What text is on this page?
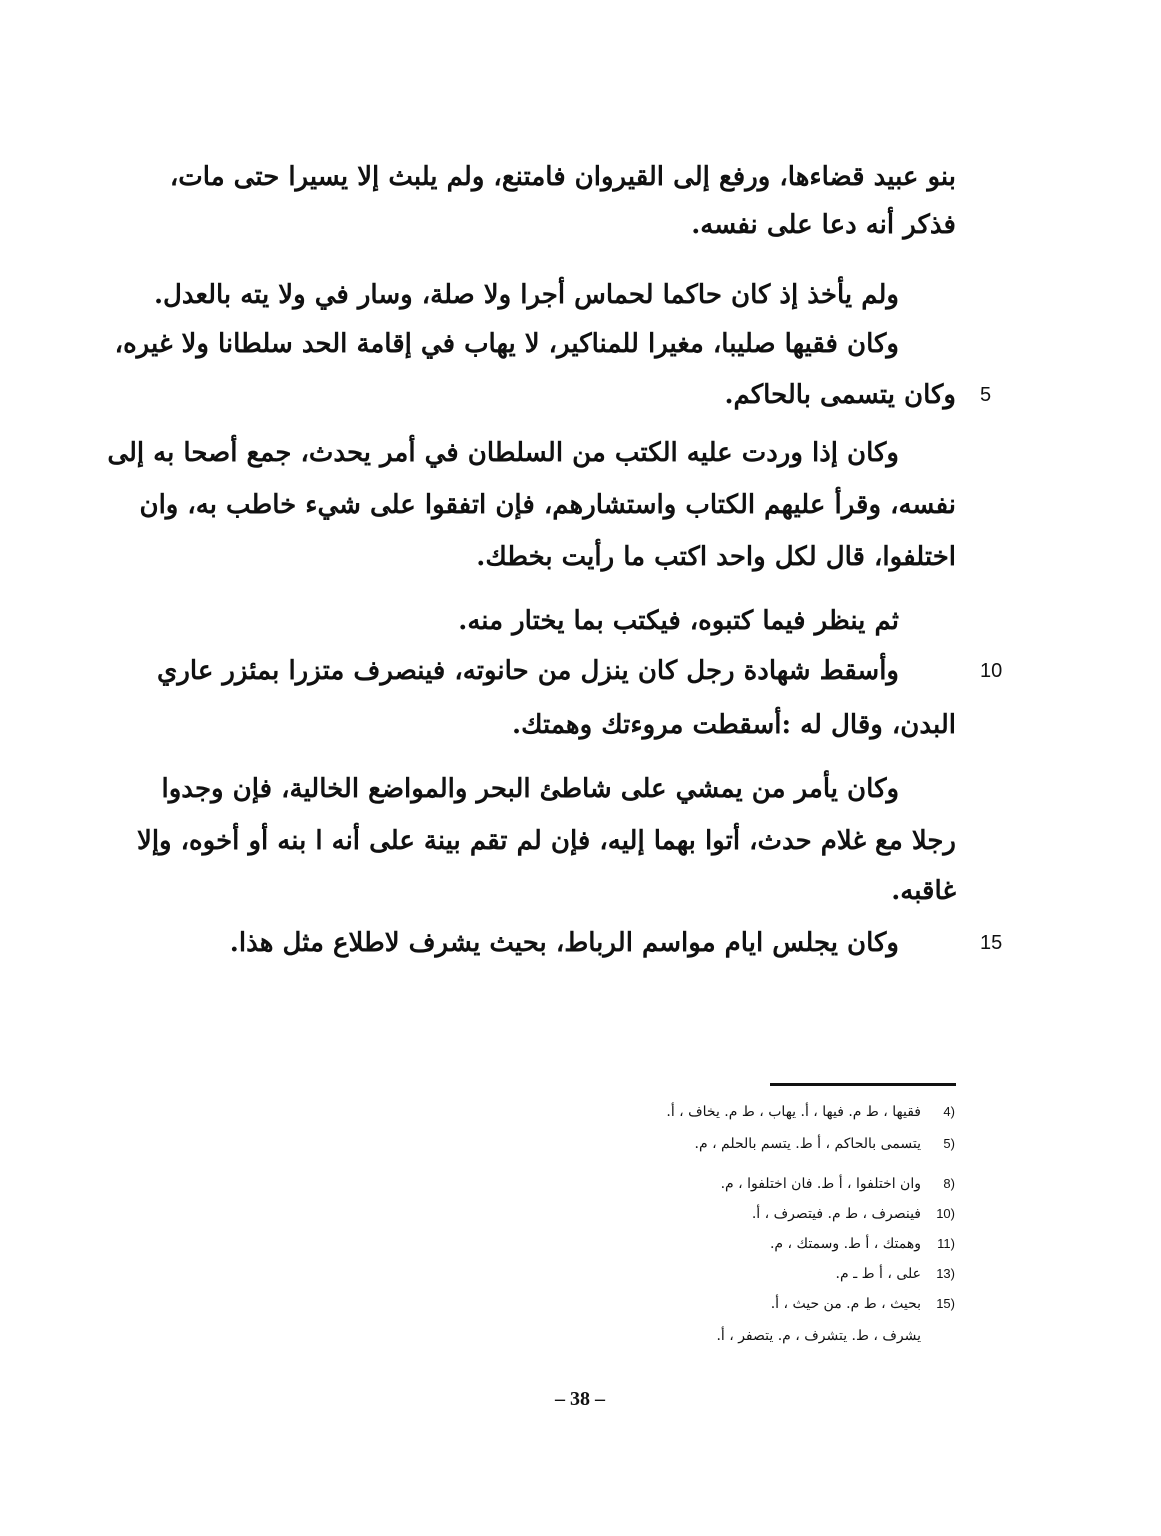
بنو عبيد قضاءها، ورفع إلى القيروان فامتنع، ولم يلبث إلا يسيرا حتى مات،
فذكر أنه دعا على نفسه.
ولم يأخذ إذ كان حاكما لحماس أجرا ولا صلة، وسار في ولا يته بالعدل.
وكان فقيها صليبا، مغيرا للمناكير، لا يهاب في إقامة الحد سلطانا ولا غيره،
وكان يتسمى بالحاكم. 5
وكان إذا وردت عليه الكتب من السلطان في أمر يحدث، جمع أصحا به إلى
نفسه، وقرأ عليهم الكتاب واستشارهم، فإن اتفقوا على شيء خاطب به، وان
اختلفوا، قال لكل واحد اكتب ما رأيت بخطك.
ثم ينظر فيما كتبوه، فيكتب بما يختار منه.
وأسقط شهادة رجل كان ينزل من حانوته، فينصرف متزرا بمئزر عاري	10
البدن، وقال له :أسقطت مروءتك وهمتك.
وكان يأمر من يمشي على شاطئ البحر والمواضع الخالية، فإن وجدوا
رجلا مع غلام حدث، أتوا بهما إليه، فإن لم تقم بينة على أنه ا بنه أو أخوه، وإلا
غاقبه.
وكان يجلس ايام مواسم الرباط، بحيث يشرف لاطلاع مثل هذا.	15
(4
فقيها ، ط م. فيها ، أ. يهاب ، ط م. يخاف ، أ.
(5
يتسمى بالحاكم ، أ ط. يتسم بالحلم ، م.
(8
وان اختلفوا ، أ ط. فان اختلفوا ، م.
(10
فينصرف ، ط م. فيتصرف ، أ.
(11
وهمتك ، أ ط. وسمتك ، م.
(13
على ، أ ط ـ م.
(15
بحيث ، ط م. من حيث ، أ.
يشرف ، ط. يتشرف ، م. يتصفر ، أ.
– 38 –
